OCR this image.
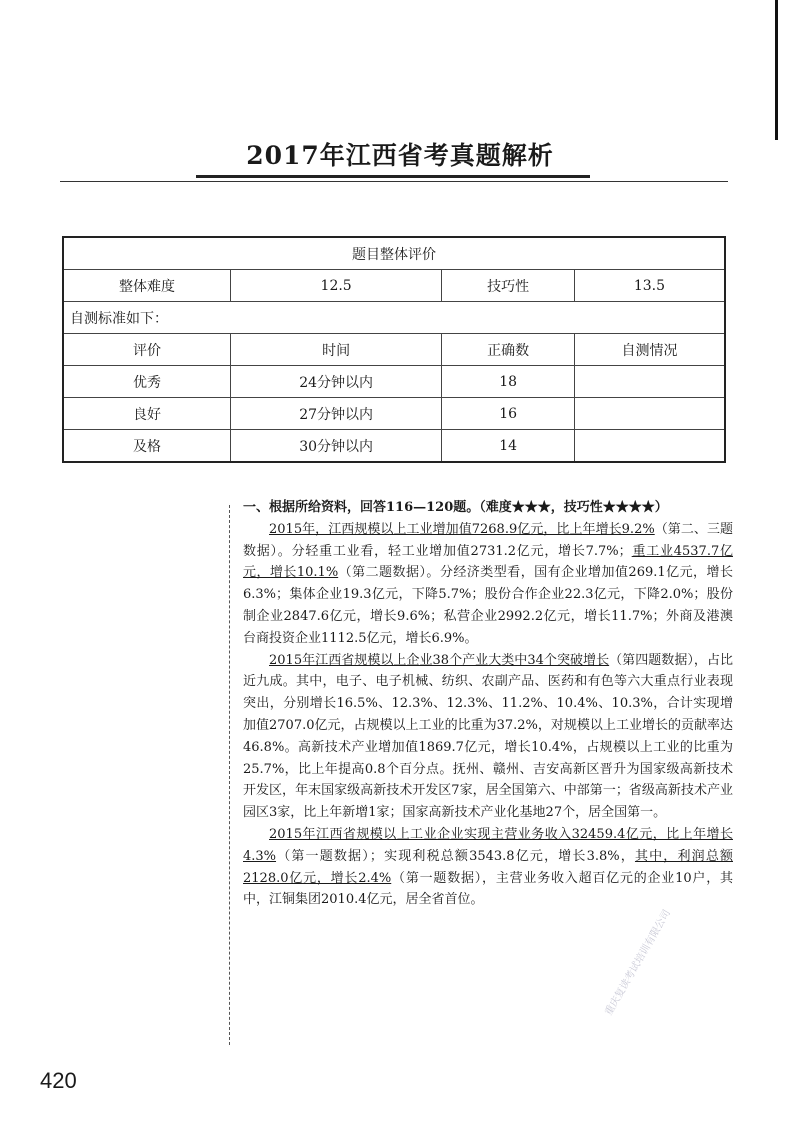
2017年江西省考真题解析
题目整体评价			
整体难度	12.5	技巧性	13.5
自测标准如下：			
评价	时间	正确数	自测情况
优秀	24分钟以内	18	
良好	27分钟以内	16	
及格	30分钟以内	14	
一、根据所给资料，回答116—120题。（难度★★★，技巧性★★★★）

2015年，江西规模以上工业增加值7268.9亿元，比上年增长9.2%（第二、三题数据）。分轻重工业看，轻工业增加值2731.2亿元，增长7.7%；重工业4537.7亿元，增长10.1%（第二题数据）。分经济类型看，国有企业增加值269.1亿元，增长6.3%；集体企业19.3亿元，下降5.7%；股份合作企业22.3亿元，下降2.0%；股份制企业2847.6亿元，增长9.6%；私营企业2992.2亿元，增长11.7%；外商及港澳台商投资企业1112.5亿元，增长6.9%。

2015年江西省规模以上企业38个产业大类中34个突破增长（第四题数据），占比近九成。其中，电子、电子机械、纺织、农副产品、医药和有色等六大重点行业表现突出，分别增长16.5%、12.3%、12.3%、11.2%、10.4%、10.3%，合计实现增加值2707.0亿元，占规模以上工业的比重为37.2%，对规模以上工业增长的贡献率达46.8%。高新技术产业增加值1869.7亿元，增长10.4%，占规模以上工业的比重为25.7%，比上年提高0.8个百分点。抚州、赣州、吉安高新区晋升为国家级高新技术开发区，年末国家级高新技术开发区7家，居全国第六、中部第一；省级高新技术产业园区3家，比上年新增1家；国家高新技术产业化基地27个，居全国第一。

2015年江西省规模以上工业企业实现主营业务收入32459.4亿元，比上年增长4.3%（第一题数据）；实现利税总额3543.8亿元，增长3.8%，其中，利润总额2128.0亿元，增长2.4%（第一题数据），主营业务收入超百亿元的企业10户，其中，江铜集团2010.4亿元，居全省首位。

重庆复读考试培训有限公司
420
